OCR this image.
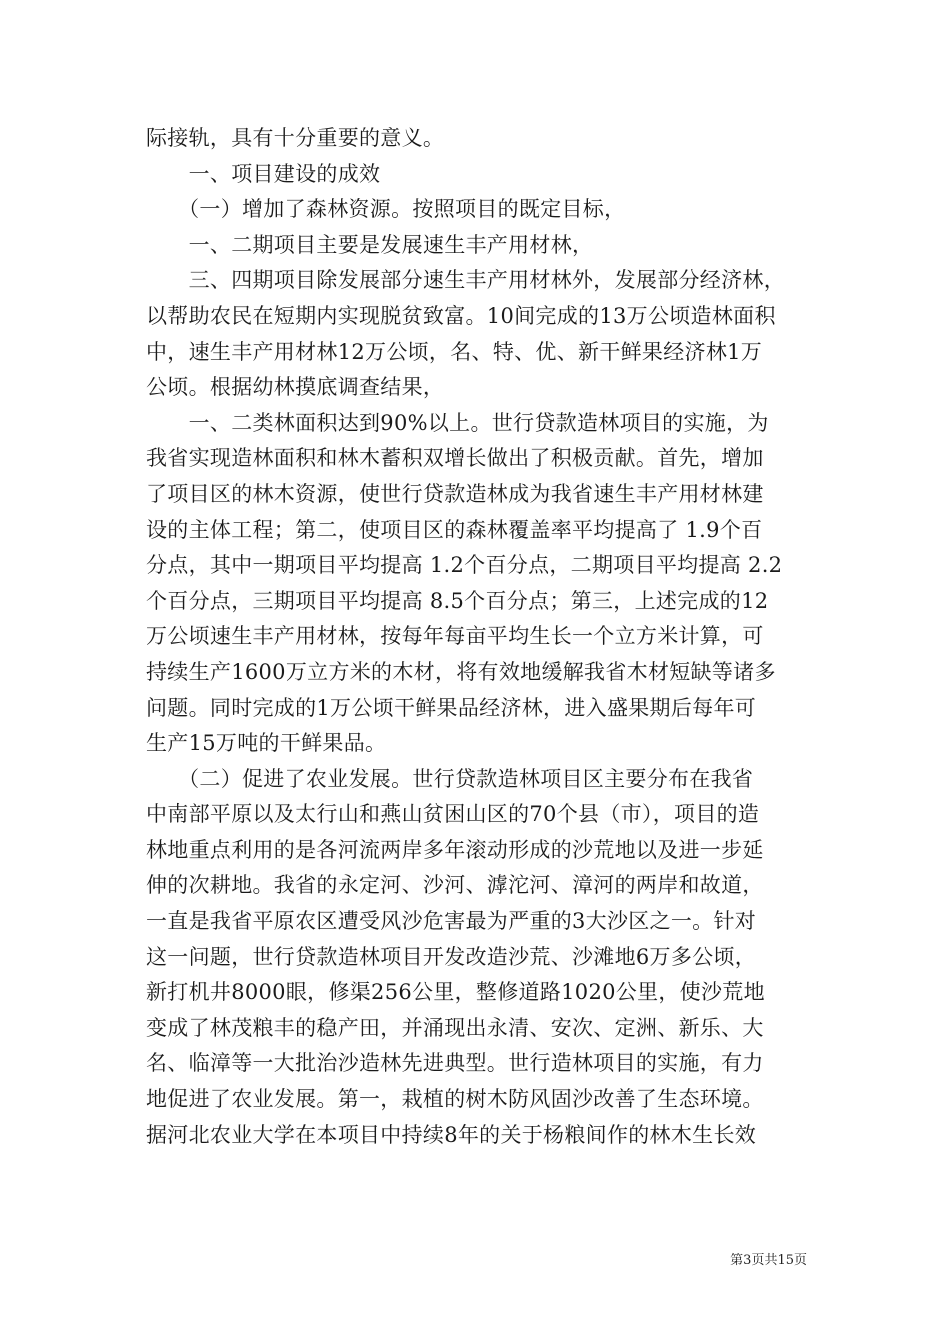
际接轨，具有十分重要的意义。
　　一、项目建设的成效
　　（一）增加了森林资源。按照项目的既定目标，
　　一、二期项目主要是发展速生丰产用材林，
　　三、四期项目除发展部分速生丰产用材林外，发展部分经济林，
以帮助农民在短期内实现脱贫致富。10间完成的13万公顷造林面积
中，速生丰产用材林12万公顷，名、特、优、新干鲜果经济林1万
公顷。根据幼林摸底调查结果，
　　一、二类林面积达到90%以上。世行贷款造林项目的实施，为
我省实现造林面积和林木蓄积双增长做出了积极贡献。首先，增加
了项目区的林木资源，使世行贷款造林成为我省速生丰产用材林建
设的主体工程；第二，使项目区的森林覆盖率平均提高了 1.9个百
分点，其中一期项目平均提高 1.2个百分点，二期项目平均提高 2.2
个百分点，三期项目平均提高 8.5个百分点；第三，上述完成的12
万公顷速生丰产用材林，按每年每亩平均生长一个立方米计算，可
持续生产1600万立方米的木材，将有效地缓解我省木材短缺等诸多
问题。同时完成的1万公顷干鲜果品经济林，进入盛果期后每年可
生产15万吨的干鲜果品。
　　（二）促进了农业发展。世行贷款造林项目区主要分布在我省
中南部平原以及太行山和燕山贫困山区的70个县（市），项目的造
林地重点利用的是各河流两岸多年滚动形成的沙荒地以及进一步延
伸的次耕地。我省的永定河、沙河、滹沱河、漳河的两岸和故道，
一直是我省平原农区遭受风沙危害最为严重的3大沙区之一。针对
这一问题，世行贷款造林项目开发改造沙荒、沙滩地6万多公顷，
新打机井8000眼，修渠256公里，整修道路1020公里，使沙荒地
变成了林茂粮丰的稳产田，并涌现出永清、安次、定洲、新乐、大
名、临漳等一大批治沙造林先进典型。世行造林项目的实施，有力
地促进了农业发展。第一，栽植的树木防风固沙改善了生态环境。
据河北农业大学在本项目中持续8年的关于杨粮间作的林木生长效
第3页共15页
